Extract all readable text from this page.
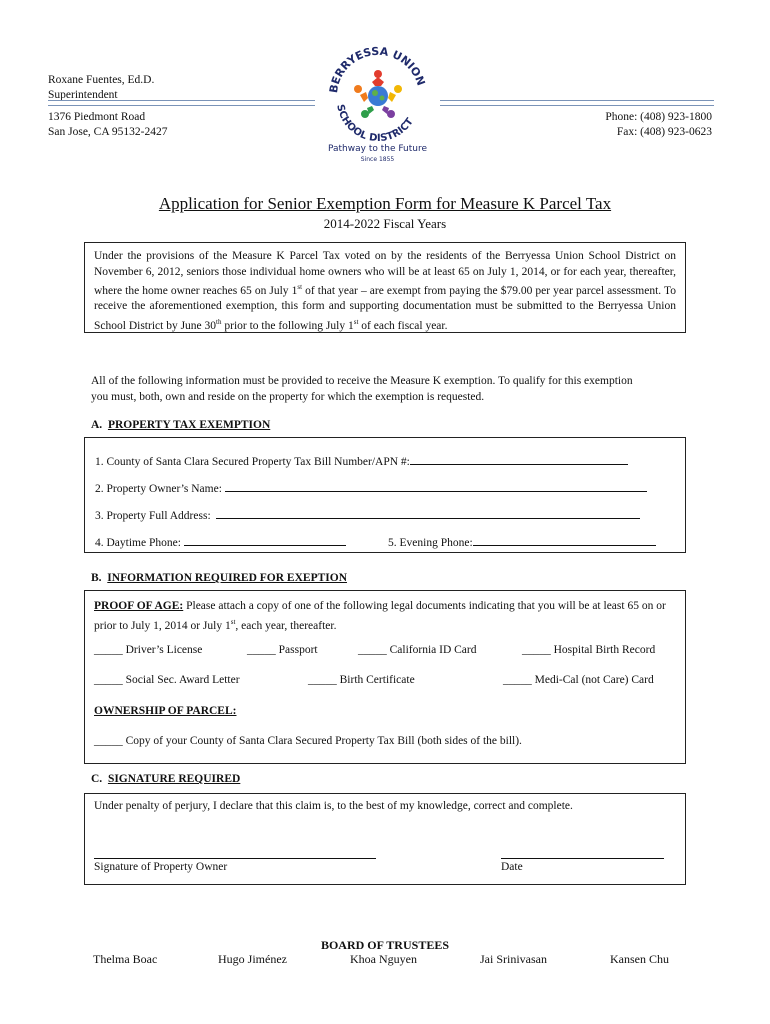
Roxane Fuentes, Ed.D.
Superintendent
1376 Piedmont Road
San Jose, CA 95132-2427
Phone: (408) 923-1800
Fax: (408) 923-0623
BERRYESSA UNION
SCHOOL DISTRICT
Pathway to the Future
Since 1855
Application for Senior Exemption Form for Measure K Parcel Tax
2014-2022 Fiscal Years
Under the provisions of the Measure K Parcel Tax voted on by the residents of the Berryessa Union School District on November 6, 2012, seniors those individual home owners who will be at least 65 on July 1, 2014, or for each year, thereafter, where the home owner reaches 65 on July 1st of that year – are exempt from paying the $79.00 per year parcel assessment. To receive the aforementioned exemption, this form and supporting documentation must be submitted to the Berryessa Union School District by June 30th prior to the following July 1st of each fiscal year.
All of the following information must be provided to receive the Measure K exemption. To qualify for this exemption you must, both, own and reside on the property for which the exemption is requested.
A. PROPERTY TAX EXEMPTION
1. County of Santa Clara Secured Property Tax Bill Number/APN #:
2. Property Owner’s Name:
3. Property Full Address:
4. Daytime Phone:	5. Evening Phone:
B. INFORMATION REQUIRED FOR EXEPTION
PROOF OF AGE: Please attach a copy of one of the following legal documents indicating that you will be at least 65 on or prior to July 1, 2014 or July 1st, each year, thereafter.
_____ Driver’s License	_____ Passport	_____ California ID Card	_____ Hospital Birth Record
_____ Social Sec. Award Letter	_____ Birth Certificate	_____ Medi-Cal (not Care) Card
OWNERSHIP OF PARCEL:
_____ Copy of your County of Santa Clara Secured Property Tax Bill (both sides of the bill).
C. SIGNATURE REQUIRED
Under penalty of perjury, I declare that this claim is, to the best of my knowledge, correct and complete.
Signature of Property Owner	Date
BOARD OF TRUSTEES
Thelma Boac	Hugo Jiménez	Khoa Nguyen	Jai Srinivasan	Kansen Chu
